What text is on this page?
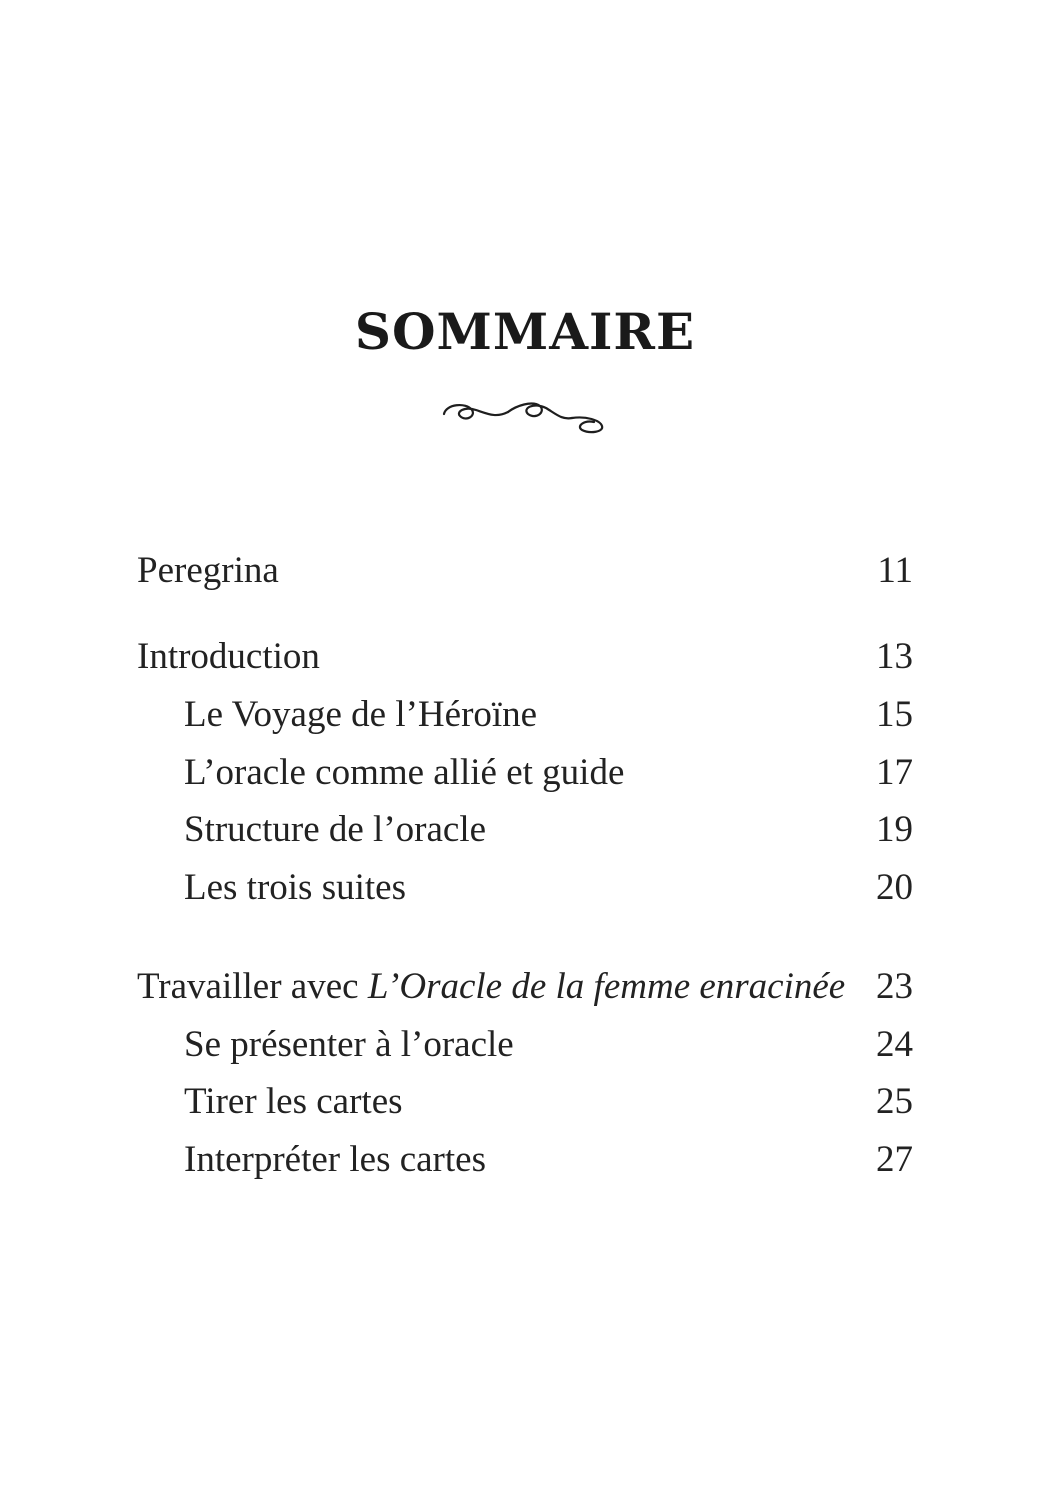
SOMMAIRE
Peregrina	11
Introduction	13
Le Voyage de l’Héroïne	15
L’oracle comme allié et guide	17
Structure de l’oracle	19
Les trois suites	20
Travailler avec L’Oracle de la femme enracinée 23
Se présenter à l’oracle	24
Tirer les cartes	25
Interpréter les cartes	27
